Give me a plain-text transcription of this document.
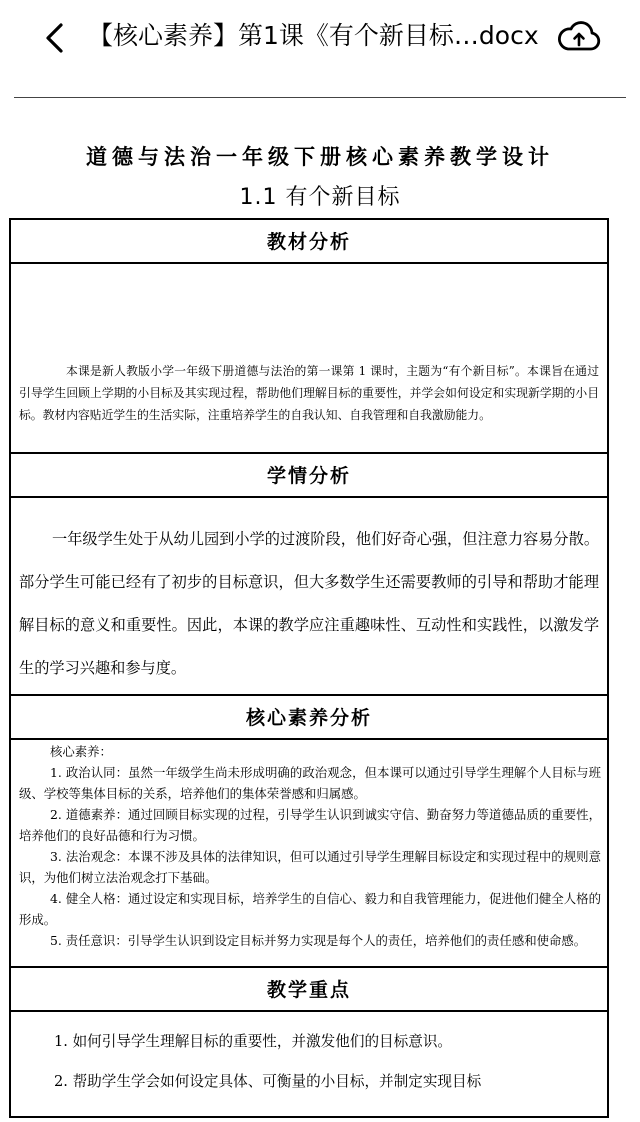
【核心素养】第1课《有个新目标…docx
道德与法治一年级下册核心素养教学设计
1.1 有个新目标
教材分析
本课是新人教版小学一年级下册道德与法治的第一课第 1 课时，主题为“有个新目标”。本课旨在通过引导学生回顾上学期的小目标及其实现过程，帮助他们理解目标的重要性，并学会如何设定和实现新学期的小目标。教材内容贴近学生的生活实际，注重培养学生的自我认知、自我管理和自我激励能力。
学情分析
一年级学生处于从幼儿园到小学的过渡阶段，他们好奇心强，但注意力容易分散。部分学生可能已经有了初步的目标意识，但大多数学生还需要教师的引导和帮助才能理解目标的意义和重要性。因此，本课的教学应注重趣味性、互动性和实践性，以激发学生的学习兴趣和参与度。
核心素养分析

核心素养：

1. 政治认同：虽然一年级学生尚未形成明确的政治观念，但本课可以通过引导学生理解个人目标与班级、学校等集体目标的关系，培养他们的集体荣誉感和归属感。

2. 道德素养：通过回顾目标实现的过程，引导学生认识到诚实守信、勤奋努力等道德品质的重要性，培养他们的良好品德和行为习惯。

3. 法治观念：本课不涉及具体的法律知识，但可以通过引导学生理解目标设定和实现过程中的规则意识，为他们树立法治观念打下基础。

4. 健全人格：通过设定和实现目标，培养学生的自信心、毅力和自我管理能力，促进他们健全人格的形成。

5. 责任意识：引导学生认识到设定目标并努力实现是每个人的责任，培养他们的责任感和使命感。

教学重点

1. 如何引导学生理解目标的重要性，并激发他们的目标意识。

2. 帮助学生学会如何设定具体、可衡量的小目标，并制定实现目标
